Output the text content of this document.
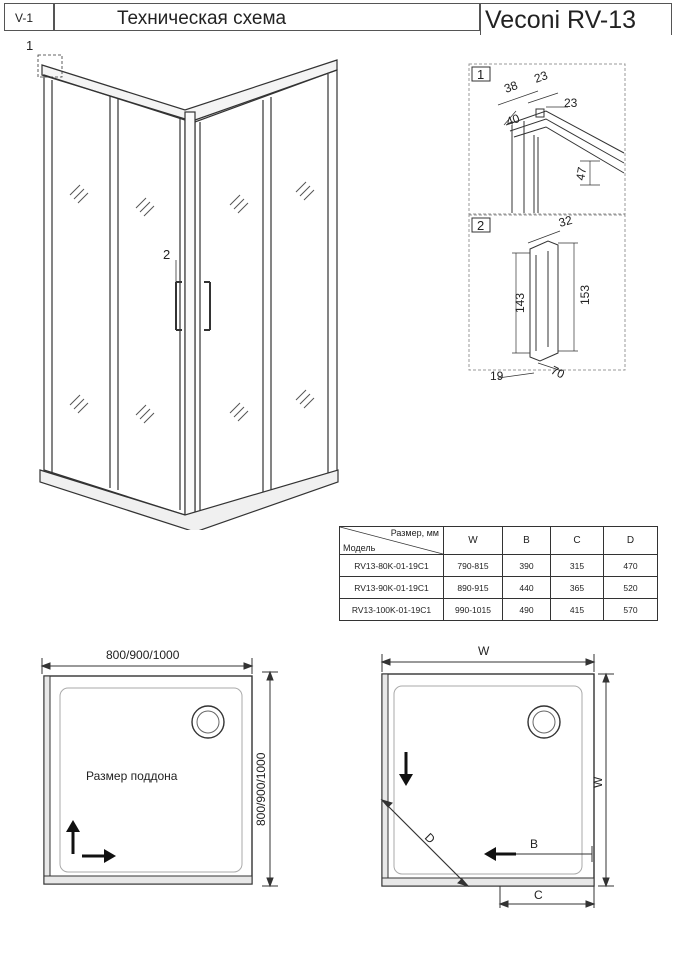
V-1	Техническая схема	Veconi RV-13
1
2
1
38
23
23
40
47
2	32
143	153
19	70
Размер, мм
Модель	W	B	C	D
RV13-80K-01-19C1	790-815	390	315	470
RV13-90K-01-19C1	890-915	440	365	520
RV13-100K-01-19C1	990-1015	490	415	570
800/900/1000
800/900/1000
Размер поддона
W
W
D	B
C
